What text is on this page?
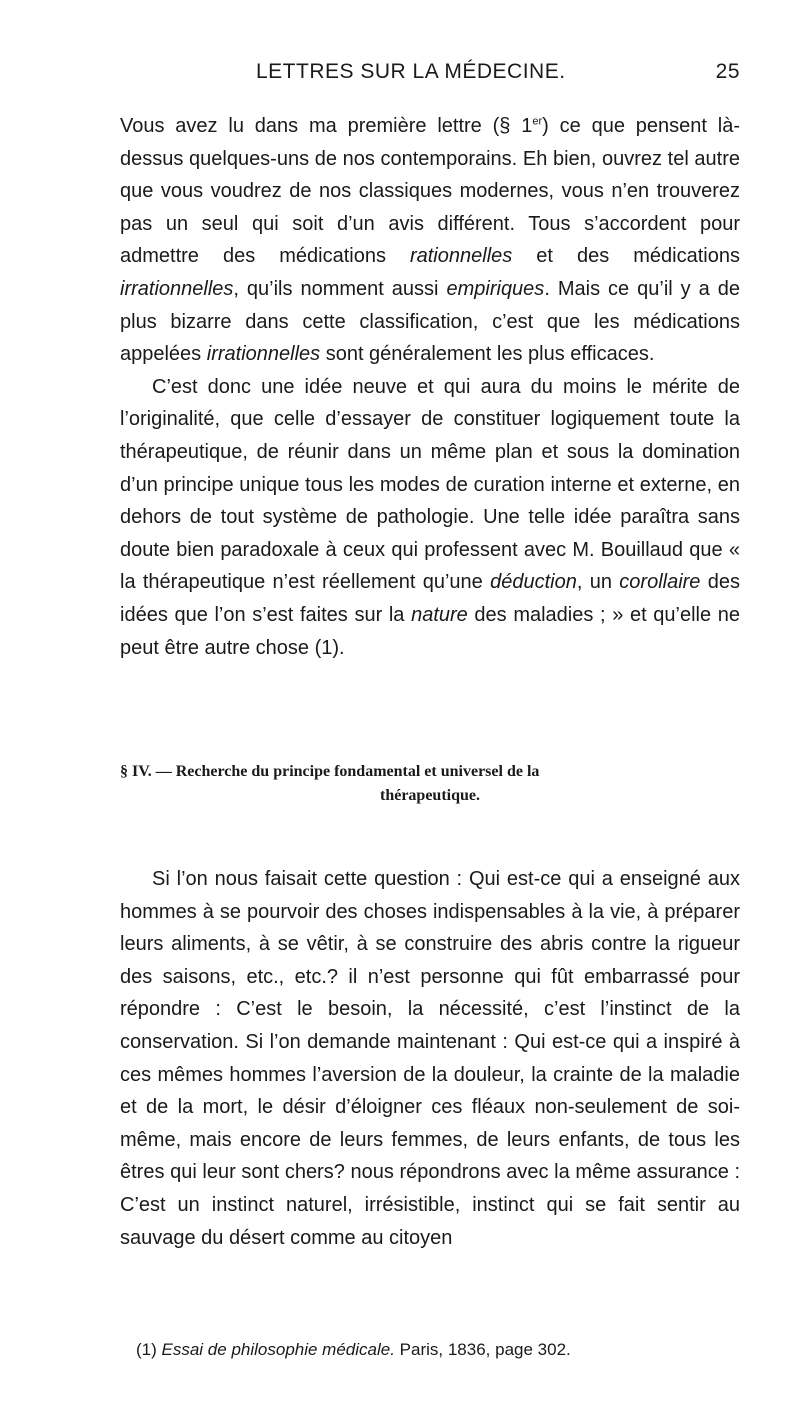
LETTRES SUR LA MÉDECINE.	25

Vous avez lu dans ma première lettre (§ 1er) ce que pensent là-dessus quelques-uns de nos contemporains. Eh bien, ouvrez tel autre que vous voudrez de nos classiques modernes, vous n’en trouverez pas un seul qui soit d’un avis différent. Tous s’accordent pour admettre des médications rationnelles et des médications irrationnelles, qu’ils nomment aussi empiriques. Mais ce qu’il y a de plus bizarre dans cette classification, c’est que les médications appelées irrationnelles sont généralement les plus efficaces.

C’est donc une idée neuve et qui aura du moins le mérite de l’originalité, que celle d’essayer de constituer logiquement toute la thérapeutique, de réunir dans un même plan et sous la domination d’un principe unique tous les modes de curation interne et externe, en dehors de tout système de pathologie. Une telle idée paraîtra sans doute bien paradoxale à ceux qui professent avec M. Bouillaud que « la thérapeutique n’est réellement qu’une déduction, un corollaire des idées que l’on s’est faites sur la nature des maladies ; » et qu’elle ne peut être autre chose (1).

§ IV. — Recherche du principe fondamental et universel de la
thérapeutique.

Si l’on nous faisait cette question : Qui est-ce qui a enseigné aux hommes à se pourvoir des choses indispensables à la vie, à préparer leurs aliments, à se vêtir, à se construire des abris contre la rigueur des saisons, etc., etc.? il n’est personne qui fût embarrassé pour répondre : C’est le besoin, la nécessité, c’est l’instinct de la conservation. Si l’on demande maintenant : Qui est-ce qui a inspiré à ces mêmes hommes l’aversion de la douleur, la crainte de la maladie et de la mort, le désir d’éloigner ces fléaux non-seulement de soi-même, mais encore de leurs femmes, de leurs enfants, de tous les êtres qui leur sont chers? nous répondrons avec la même assurance : C’est un instinct naturel, irrésistible, instinct qui se fait sentir au sauvage du désert comme au citoyen

(1) Essai de philosophie médicale. Paris, 1836, page 302.
